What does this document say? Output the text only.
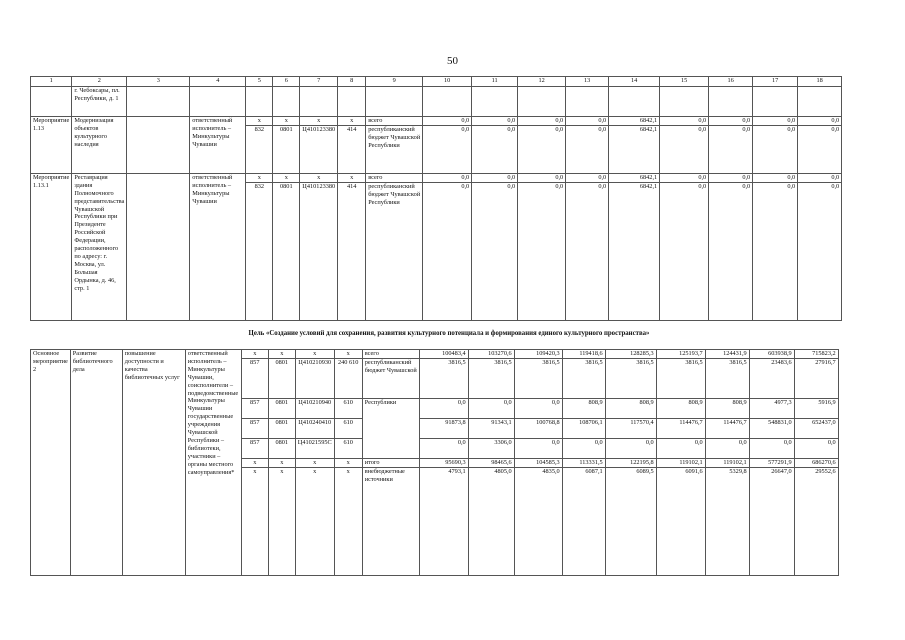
50
1	2	3	4	5	6	7	8	9	10	11	12	13	14	15	16	17	18
	г. Чебоксары, пл. Республики, д. 1																
Мероприятие 1.13	Модернизация объектов культурного наследия		ответственный исполнитель – Минкультуры Чувашии	x	x	x	x	всего	0,0	0,0	0,0	0,0	6842,1	0,0	0,0	0,0	0,0
				832	0801	Ц410123380	414	республиканский бюджет Чувашской Республики	0,0	0,0	0,0	0,0	6842,1	0,0	0,0	0,0	0,0
Мероприятие 1.13.1	Реставрация здания Полномочного представительства Чувашской Республики при Президенте Российской Федерации, расположенного по адресу: г. Москва, ул. Большая Ордынка, д. 46, стр. 1		ответственный исполнитель – Минкультуры Чувашии	x	x	x	x	всего	0,0	0,0	0,0	0,0	6842,1	0,0	0,0	0,0	0,0
				832	0801	Ц410123380	414	республиканский бюджет Чувашской Республики	0,0	0,0	0,0	0,0	6842,1	0,0	0,0	0,0	0,0
Цель «Создание условий для сохранения, развития культурного потенциала и формирования единого культурного пространства»
Основное мероприятие 2	Развитие библиотечного дела	повышение доступности и качества библиотечных услуг	ответственный исполнитель – Минкультуры Чувашии, соисполнители – подведомственные Минкультуры Чувашии государственные учреждения Чувашской Республики – библиотеки, участники – органы местного самоуправления*	x	x	x	x	всего	100483,4	103270,6	109420,3	119418,6	128285,3	125193,7	124431,9	603938,9	715823,2
				857	0801	Ц410210930	240 610	республиканский бюджет Чувашской	3816,5	3816,5	3816,5	3816,5	3816,5	3816,5	3816,5	23483,6	27916,7
				857	0801	Ц410210940	610	Республики	0,0	0,0	0,0	808,9	808,9	808,9	808,9	4977,3	5916,9
				857	0801	Ц410240410	610		91873,8	91343,1	100768,8	108706,1	117570,4	114476,7	114476,7	548831,0	652437,0
				857	0801	Ц41021595С	610		0,0	3306,0	0,0	0,0	0,0	0,0	0,0	0,0	0,0
				x	x	x	x	итого	95690,3	98465,6	104585,3	113331,5	122195,8	119102,1	119102,1	577291,9	686270,6
				x	x	x	x	внебюджетные источники	4793,1	4805,0	4835,0	6087,1	6089,5	6091,6	5329,8	26647,0	29552,6
